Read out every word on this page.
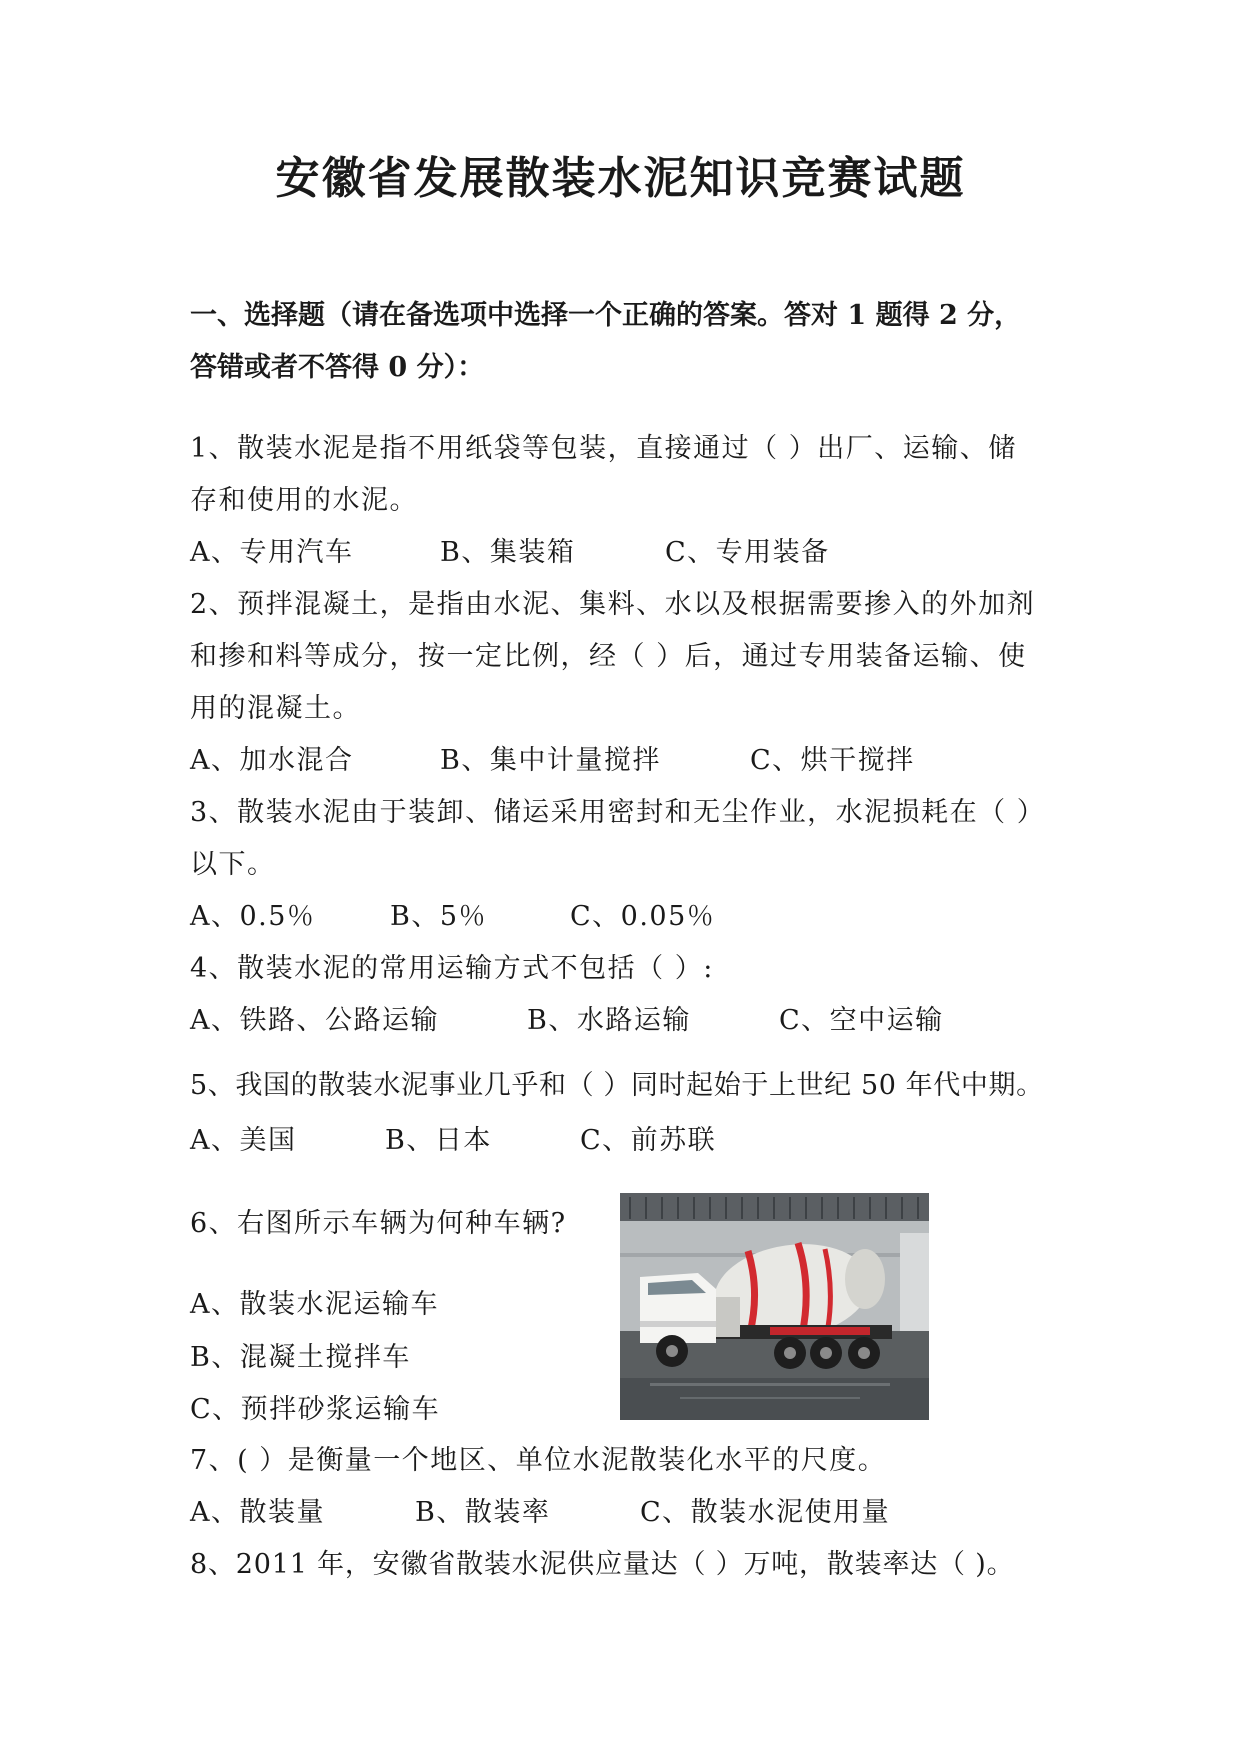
安徽省发展散装水泥知识竞赛试题
一、选择题（请在备选项中选择一个正确的答案。答对 1 题得 2 分，
答错或者不答得 0 分）：
1、散装水泥是指不用纸袋等包装，直接通过（ ）出厂、运输、储
存和使用的水泥。
A、专用汽车	B、集装箱	C、专用装备
2、预拌混凝土，是指由水泥、集料、水以及根据需要掺入的外加剂
和掺和料等成分，按一定比例，经（ ）后，通过专用装备运输、使
用的混凝土。
A、加水混合	B、集中计量搅拌	C、烘干搅拌
3、散装水泥由于装卸、储运采用密封和无尘作业，水泥损耗在（ ）
以下。
A、0.5％	B、5％	C、0.05％
4、散装水泥的常用运输方式不包括（ ）:
A、铁路、公路运输	B、水路运输	C、空中运输
5、我国的散装水泥事业几乎和（ ）同时起始于上世纪 50 年代中期。
A、美国	B、日本	C、前苏联
6、右图所示车辆为何种车辆?
A、散装水泥运输车
B、混凝土搅拌车
C、预拌砂浆运输车
7、( ）是衡量一个地区、单位水泥散装化水平的尺度。
A、散装量	B、散装率	C、散装水泥使用量
8、2011 年，安徽省散装水泥供应量达（ ）万吨，散装率达（ )。
